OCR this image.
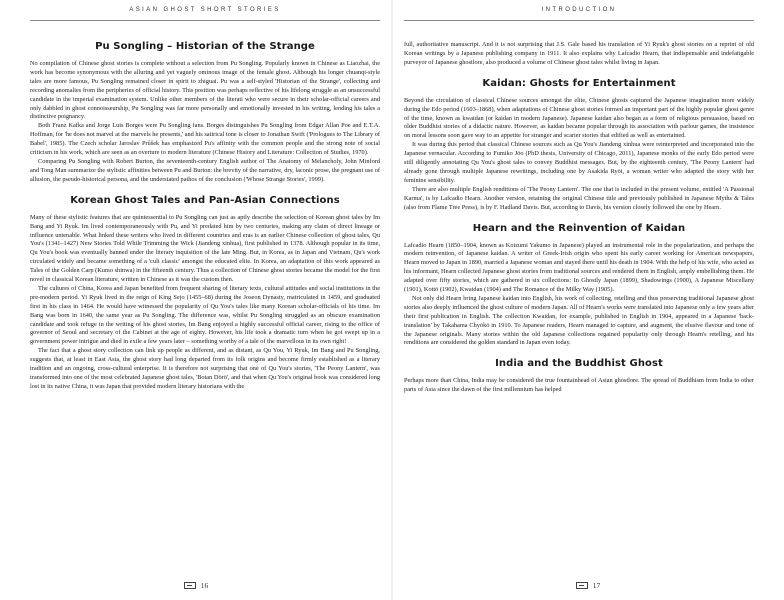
ASIAN GHOST SHORT STORIES
Pu Songling – Historian of the Strange

No compilation of Chinese ghost stories is complete without a selection from Pu Songling. Popularly known in Chinese as Liaozhai, the work has become synonymous with the alluring and yet vaguely ominous image of the female ghost. Although his longer chuanqi-style tales are more famous, Pu Songling remained closer in spirit to zhiguai. Pu was a self-styled 'Historian of the Strange', collecting and recording anomalies from the peripheries of official history. This position was perhaps reflective of his lifelong struggle as an unsuccessful candidate in the imperial examination system. Unlike other members of the literati who were secure in their scholar-official careers and only dabbled in ghost connoisseurship, Pu Songling was far more personally and emotionally invested in his writing, lending his tales a distinctive poignancy.

Both Franz Kafka and Jorge Luis Borges were Pu Songling fans. Borges distinguishes Pu Songling from Edgar Allan Poe and E.T.A. Hoffman, for 'he does not marvel at the marvels he presents,' and his satirical tone is closer to Jonathan Swift ('Prologues to The Library of Babel', 1985). The Czech scholar Jaroslav Průšek has emphasized Pu's affinity with the common people and the strong note of social criticism in his work, which are seen as an overture to modern literature (Chinese History and Literature: Collection of Studies, 1970).

Comparing Pu Songling with Robert Burton, the seventeenth-century English author of The Anatomy of Melancholy, John Minford and Tong Man summarize the stylistic affinities between Pu and Burton: the brevity of the narrative, dry, laconic prose, the pregnant use of allusion, the pseudo-historical persona, and the understated pathos of the conclusion ('Whose Strange Stories', 1999).

Korean Ghost Tales and Pan-Asian Connections

Many of these stylistic features that are quintessential to Pu Songling can just as aptly describe the selection of Korean ghost tales by Im Bang and Yi Ryuk. Im lived contemporaneously with Pu, and Yi predated him by two centuries, making any claim of direct lineage or influence untenable. What linked these writers who lived in different countries and eras is an earlier Chinese collection of ghost tales, Qu You's (1341–1427) New Stories Told While Trimming the Wick (Jiandeng xinhua), first published in 1378. Although popular in its time, Qu You's book was eventually banned under the literary inquisition of the late Ming. But, in Korea, as in Japan and Vietnam, Qu's work circulated widely and became something of a 'cult classic' amongst the educated elite. In Korea, an adaptation of this work appeared as Tales of the Golden Carp (Kumo shinwa) in the fifteenth century. Thus a collection of Chinese ghost stories became the model for the first novel in classical Korean literature, written in Chinese as it was the custom then.

The cultures of China, Korea and Japan benefited from frequent sharing of literary texts, cultural attitudes and social institutions in the pre-modern period. Yi Ryuk lived in the reign of King Sejo (1455–68) during the Joseon Dynasty, matriculated in 1459, and graduated first in his class in 1464. He would have witnessed the popularity of Qu You's tales like many Korean scholar-officials of his time. Im Bang was born in 1640, the same year as Pu Songling. The difference was, whilst Pu Songling struggled as an obscure examination candidate and took refuge in the writing of his ghost stories, Im Bang enjoyed a highly successful official career, rising to the office of governor of Seoul and secretary of the Cabinet at the age of eighty. However, his life took a dramatic turn when he got swept up in a government power intrigue and died in exile a few years later – something worthy of a tale of the marvellous in its own right!

The fact that a ghost story collection can link up people as different, and as distant, as Qu You, Yi Ryuk, Im Bang and Pu Songling, suggests that, at least in East Asia, the ghost story had long departed from its folk origins and become firmly established as a literary tradition and an ongoing, cross-cultural enterprise. It is therefore not surprising that one of Qu You's stories, 'The Peony Lantern', was transformed into one of the most celebrated Japanese ghost tales, 'Botan Dōrō', and that when Qu You's original book was considered long lost in its native China, it was Japan that provided modern literary historians with the

16
INTRODUCTION

full, authoritative manuscript. And it is not surprising that J.S. Gale based his translation of Yi Ryuk's ghost stories on a reprint of old Korean writings by a Japanese publishing company in 1911. It also explains why Lafcadio Hearn, that indispensable and indefatigable purveyor of Japanese ghostlore, also produced a volume of Chinese ghost tales whilst living in Japan.

Kaidan: Ghosts for Entertainment

Beyond the circulation of classical Chinese sources amongst the elite, Chinese ghosts captured the Japanese imagination more widely during the Edo period (1603–1868), when adaptations of Chinese ghost stories formed an important part of the highly popular ghost genre of the time, known as kwaidan (or kaidan in modern Japanese). Japanese kaidan also began as a form of religious persuasion, based on older Buddhist stories of a didactic nature. However, as kaidan became popular through its association with parlour games, the insistence on moral lessons soon gave way to an appetite for stranger and scarier stories that edified as well as entertained.

It was during this period that classical Chinese sources such as Qu You's Jiandeng xinhua were reinterpreted and incorporated into the Japanese vernacular. According to Fumiko Jōo (PhD thesis, University of Chicago, 2011), Japanese monks of the early Edo period were still diligently annotating Qu You's ghost tales to convey Buddhist messages. But, by the eighteenth century, 'The Peony Lantern' had already gone through multiple Japanese rewritings, including one by Asakida Ryōi, a woman writer who adapted the story with her feminine sensibility.

There are also multiple English renditions of 'The Peony Lantern'. The one that is included in the present volume, entitled 'A Passional Karma', is by Lafcadio Hearn. Another version, retaining the original Chinese title and previously published in Japanese Myths & Tales (also from Flame Tree Press), is by F. Hadland Davis. But, according to Davis, his version closely followed the one by Hearn.

Hearn and the Reinvention of Kaidan

Lafcadio Hearn (1850–1904, known as Koizumi Yakumo in Japanese) played an instrumental role in the popularization, and perhaps the modern reinvention, of Japanese kaidan. A writer of Greek-Irish origin who spent his early career working for American newspapers, Hearn moved to Japan in 1890, married a Japanese woman and stayed there until his death in 1904. With the help of his wife, who acted as his informant, Hearn collected Japanese ghost stories from traditional sources and rendered them in English, amply embellishing them. He adapted over fifty stories, which are gathered in six collections: In Ghostly Japan (1899), Shadowings (1900), A Japanese Miscellany (1901), Kottō (1902), Kwaidan (1904) and The Romance of the Milky Way (1905).

Not only did Hearn bring Japanese kaidan into English, his work of collecting, retelling and thus preserving traditional Japanese ghost stories also deeply influenced the ghost culture of modern Japan. All of Hearn's works were translated into Japanese only a few years after their first publication in English. The collection Kwaidan, for example, published in English in 1904, appeared in a Japanese 'back-translation' by Takahama Chyōkō in 1910. To Japanese readers, Hearn managed to capture, and augment, the elusive flavour and tone of the Japanese originals. Many stories within the old Japanese collections regained popularity only through Hearn's retelling, and his renditions are considered the golden standard in Japan even today.

India and the Buddhist Ghost

Perhaps more than China, India may be considered the true fountainhead of Asian ghostlore. The spread of Buddhism from India to other parts of Asia since the dawn of the first millennium has helped

17
